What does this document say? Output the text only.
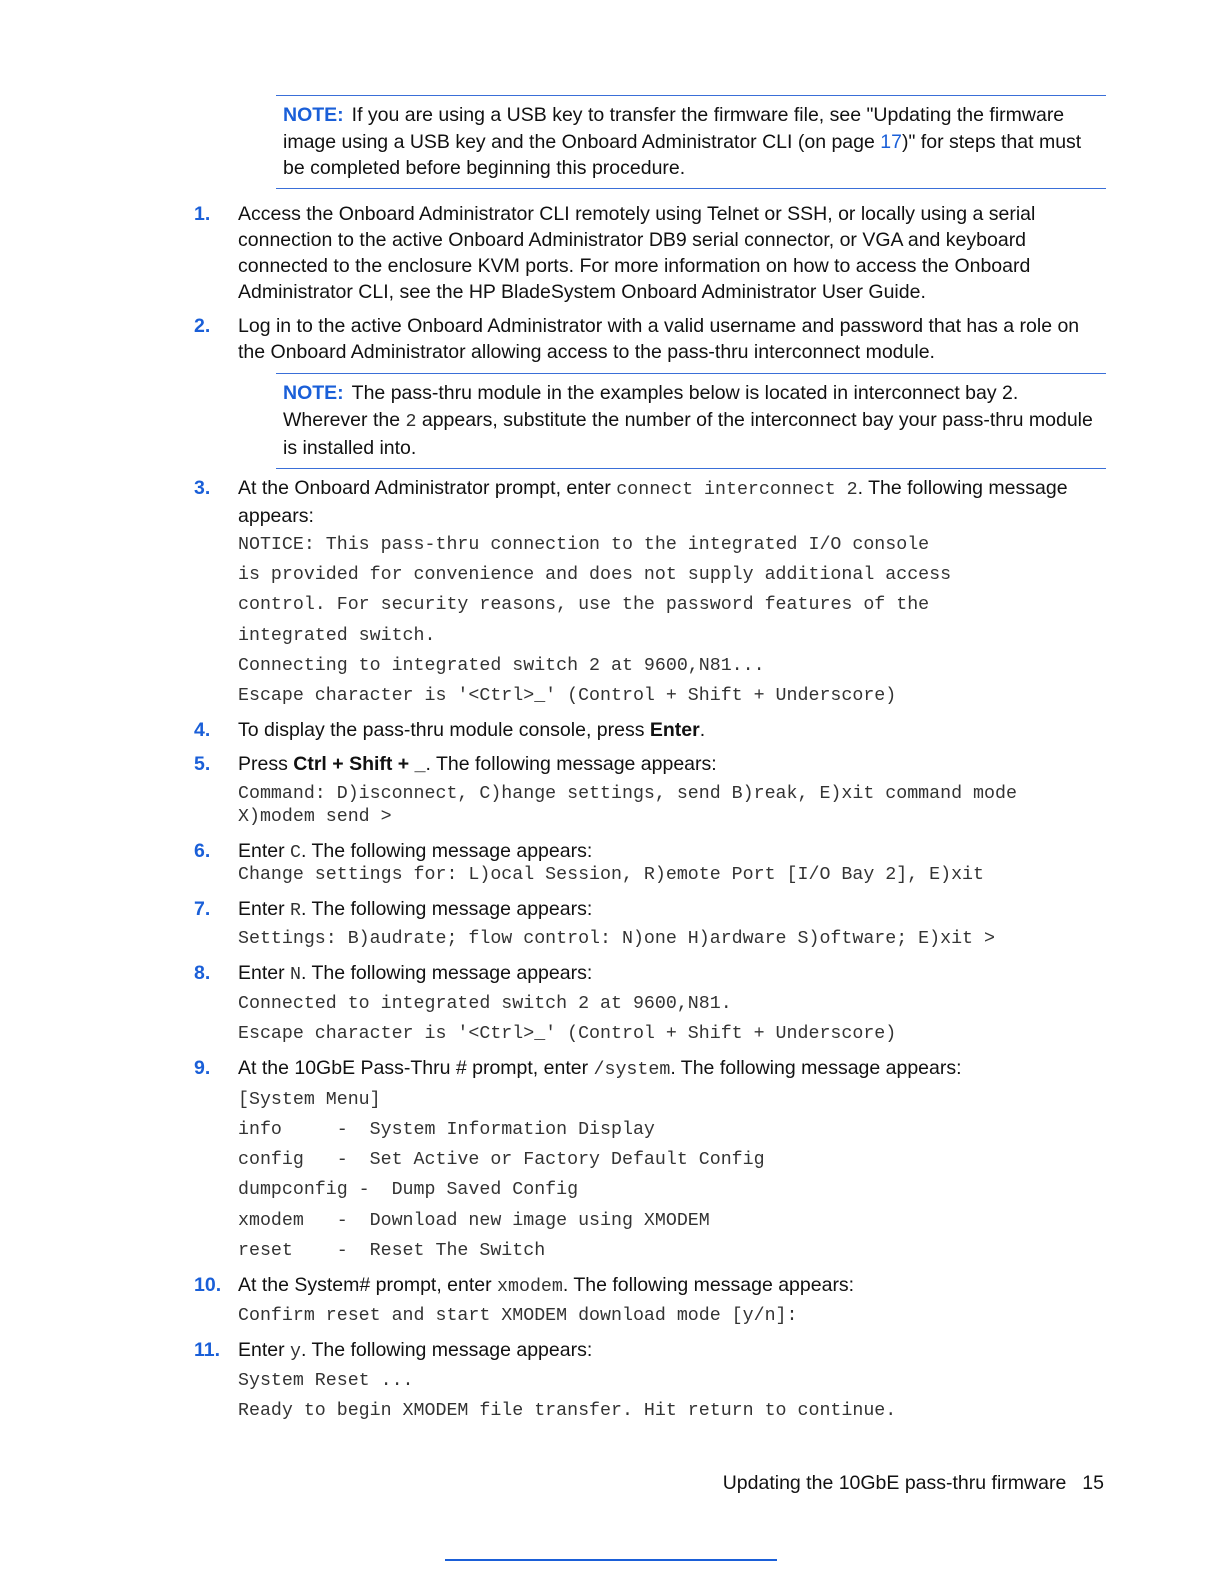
NOTE: If you are using a USB key to transfer the firmware file, see "Updating the firmware image using a USB key and the Onboard Administrator CLI (on page 17)" for steps that must be completed before beginning this procedure.
1. Access the Onboard Administrator CLI remotely using Telnet or SSH, or locally using a serial connection to the active Onboard Administrator DB9 serial connector, or VGA and keyboard connected to the enclosure KVM ports. For more information on how to access the Onboard Administrator CLI, see the HP BladeSystem Onboard Administrator User Guide.
2. Log in to the active Onboard Administrator with a valid username and password that has a role on the Onboard Administrator allowing access to the pass-thru interconnect module.
NOTE: The pass-thru module in the examples below is located in interconnect bay 2. Wherever the 2 appears, substitute the number of the interconnect bay your pass-thru module is installed into.
3. At the Onboard Administrator prompt, enter connect interconnect 2. The following message appears:
NOTICE: This pass-thru connection to the integrated I/O console
is provided for convenience and does not supply additional access
control. For security reasons, use the password features of the
integrated switch.
Connecting to integrated switch 2 at 9600,N81...
Escape character is '<Ctrl>_' (Control + Shift + Underscore)
4. To display the pass-thru module console, press Enter.
5. Press Ctrl + Shift + _. The following message appears:
Command: D)isconnect, C)hange settings, send B)reak, E)xit command mode
X)modem send >
6. Enter C. The following message appears:
Change settings for: L)ocal Session, R)emote Port [I/O Bay 2], E)xit
7. Enter R. The following message appears:
Settings: B)audrate; flow control: N)one H)ardware S)oftware; E)xit >
8. Enter N. The following message appears:
Connected to integrated switch 2 at 9600,N81.
Escape character is '<Ctrl>_' (Control + Shift + Underscore)
9. At the 10GbE Pass-Thru # prompt, enter /system. The following message appears:
[System Menu]
info     -  System Information Display
config   -  Set Active or Factory Default Config
dumpconfig -  Dump Saved Config
xmodem   -  Download new image using XMODEM
reset    -  Reset The Switch
10. At the System# prompt, enter xmodem. The following message appears:
Confirm reset and start XMODEM download mode [y/n]:
11. Enter y. The following message appears:
System Reset ...
Ready to begin XMODEM file transfer. Hit return to continue.
Updating the 10GbE pass-thru firmware 15
